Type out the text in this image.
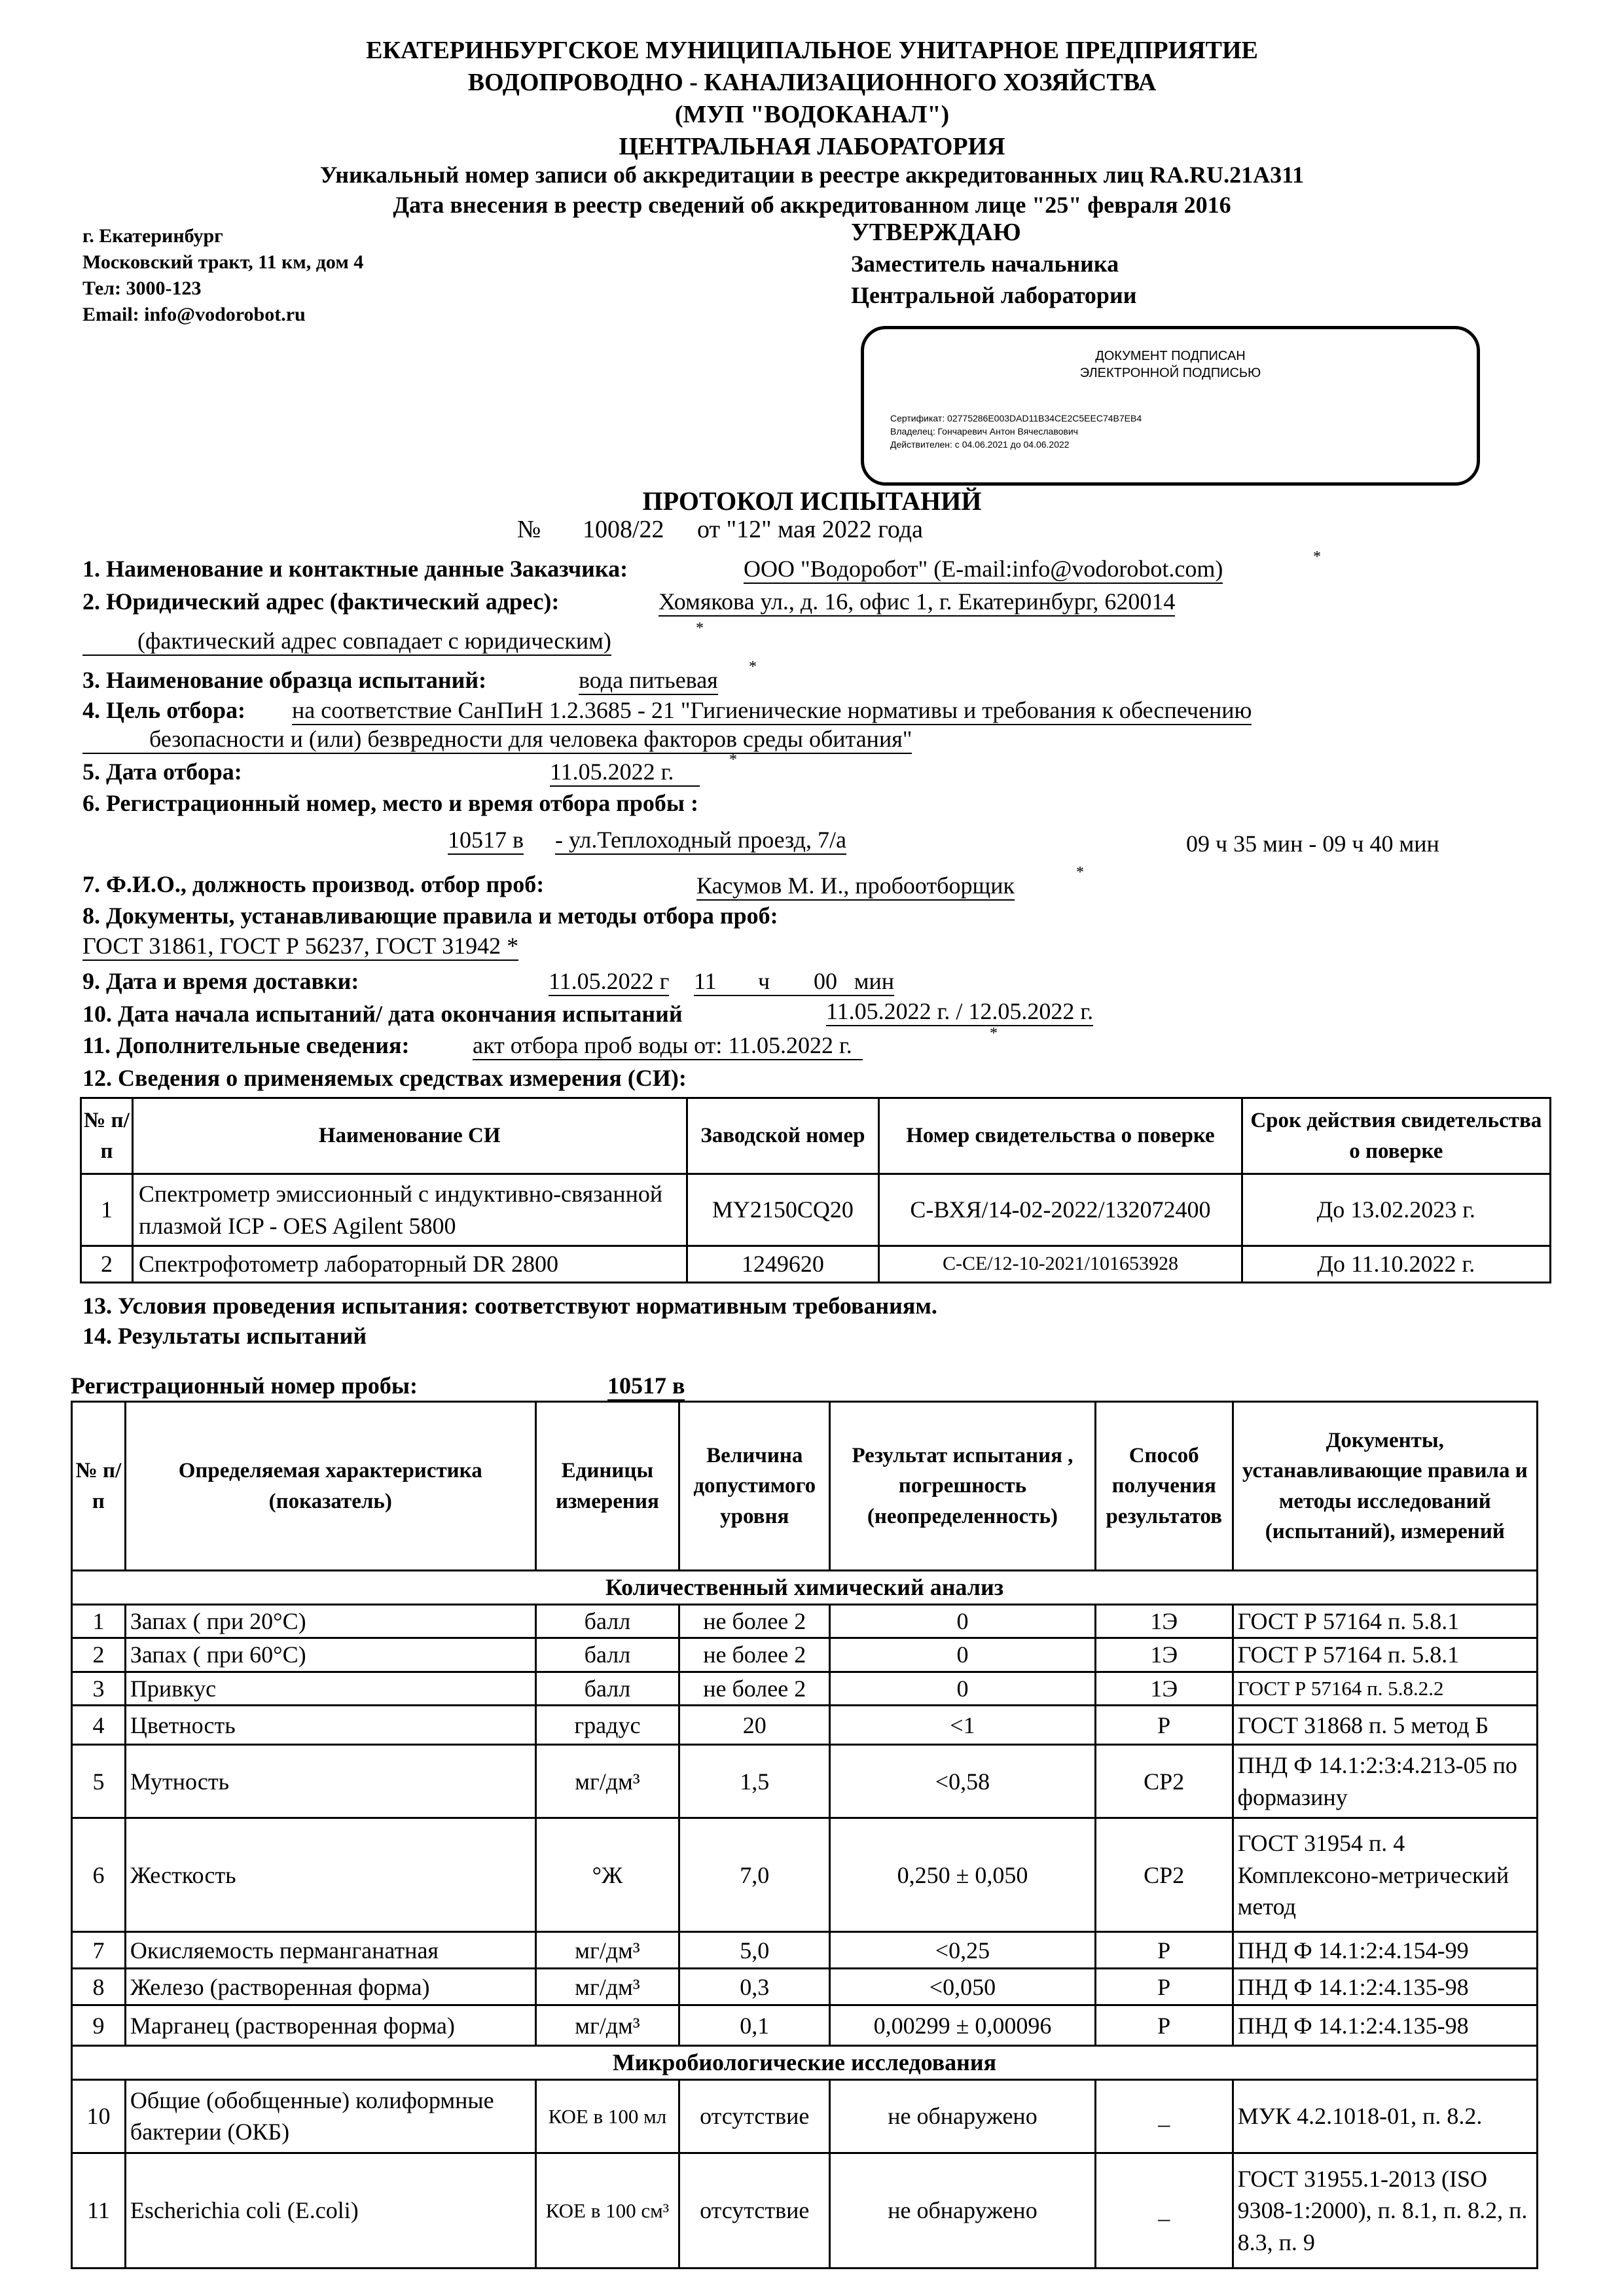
ЕКАТЕРИНБУРГСКОЕ МУНИЦИПАЛЬНОЕ УНИТАРНОЕ ПРЕДПРИЯТИЕ
ВОДОПРОВОДНО - КАНАЛИЗАЦИОННОГО ХОЗЯЙСТВА
(МУП "ВОДОКАНАЛ")
ЦЕНТРАЛЬНАЯ ЛАБОРАТОРИЯ
Уникальный номер записи об аккредитации в реестре аккредитованных лиц RA.RU.21А311
Дата внесения в реестр сведений об аккредитованном лице "25" февраля 2016
г. Екатеринбург
Московский тракт, 11 км, дом 4
Тел: 3000-123
Email: info@vodorobot.ru
УТВЕРЖДАЮ
Заместитель начальника
Центральной лаборатории
ДОКУМЕНТ ПОДПИСАН
ЭЛЕКТРОННОЙ ПОДПИСЬЮ
Сертификат: 02775286E003DAD11B34CE2C5EEC74B7EB4
Владелец: Гончаревич Антон Вячеславович
Действителен: с 04.06.2021 до 04.06.2022
ПРОТОКОЛ ИСПЫТАНИЙ
№ 1008/22 от "12" мая 2022 года
1. Наименование и контактные данные Заказчика:	ООО "Водоробот" (E-mail:info@vodorobot.com)	*
2. Юридический адрес (фактический адрес):	Хомякова ул., д. 16, офис 1, г. Екатеринбург, 620014
(фактический адрес совпадает с юридическим)	*
3. Наименование образца испытаний:	вода питьевая *
4. Цель отбора: на соответствие СанПиН 1.2.3685 - 21 "Гигиенические нормативы и требования к обеспечению
безопасности и (или) безвредности для человека факторов среды обитания"
5. Дата отбора:	11.05.2022 г.	*
6. Регистрационный номер, место и время отбора пробы :
10517 в - ул.Теплоходный проезд, 7/а	09 ч 35 мин - 09 ч 40 мин
7. Ф.И.О., должность производ. отбор проб:	Касумов М. И., пробоотборщик	*
8. Документы, устанавливающие правила и методы отбора проб:
ГОСТ 31861, ГОСТ Р 56237, ГОСТ 31942 *
9. Дата и время доставки:	11.05.2022 г 11	ч	00 мин
10. Дата начала испытаний/ дата окончания испытаний	11.05.2022 г. / 12.05.2022 г.
11. Дополнительные сведения:	акт отбора проб воды от: 11.05.2022 г.	*
12. Сведения о применяемых средствах измерения (СИ):
№ п/п	Наименование СИ	Заводской номер	Номер свидетельства о поверке	Срок действия свидетельства о поверке
1	Спектрометр эмиссионный с индуктивно-связанной плазмой ICP - OES Agilent 5800	MY2150CQ20	С-ВХЯ/14-02-2022/132072400	До 13.02.2023 г.
2	Спектрофотометр лабораторный DR 2800	1249620	С-СЕ/12-10-2021/101653928	До 11.10.2022 г.
13. Условия проведения испытания: соответствуют нормативным требованиям.
14. Результаты испытаний
Регистрационный номер пробы:	10517 в
№ п/п	Определяемая характеристика (показатель)	Единицы измерения	Величина допустимого уровня	Результат испытания , погрешность (неопределенность)	Способ получения результатов	Документы, устанавливающие правила и методы исследований (испытаний), измерений
Количественный химический анализ						
1	Запах ( при 20°С)	балл	не более 2	0	1Э	ГОСТ Р 57164 п. 5.8.1
2	Запах ( при 60°С)	балл	не более 2	0	1Э	ГОСТ Р 57164 п. 5.8.1
3	Привкус	балл	не более 2	0	1Э	ГОСТ Р 57164 п. 5.8.2.2
4	Цветность	градус	20	<1	Р	ГОСТ 31868 п. 5 метод Б
5	Мутность	мг/дм³	1,5	<0,58	СР2	ПНД Ф 14.1:2:3:4.213-05 по формазину
6	Жесткость	°Ж	7,0	0,250 ± 0,050	СР2	ГОСТ 31954 п. 4 Комплексоно-метрический метод
7	Окисляемость перманганатная	мг/дм³	5,0	<0,25	Р	ПНД Ф 14.1:2:4.154-99
8	Железо (растворенная форма)	мг/дм³	0,3	<0,050	Р	ПНД Ф 14.1:2:4.135-98
9	Марганец (растворенная форма)	мг/дм³	0,1	0,00299 ± 0,00096	Р	ПНД Ф 14.1:2:4.135-98
Микробиологические исследования						
10	Общие (обобщенные) колиформные бактерии (ОКБ)	КОЕ в 100 мл	отсутствие	не обнаружено	_	МУК 4.2.1018-01, п. 8.2.
11	Escherichia coli (E.coli)	КОЕ в 100 см³	отсутствие	не обнаружено	_	ГОСТ 31955.1-2013 (ISO 9308-1:2000), п. 8.1, п. 8.2, п. 8.3, п. 9
